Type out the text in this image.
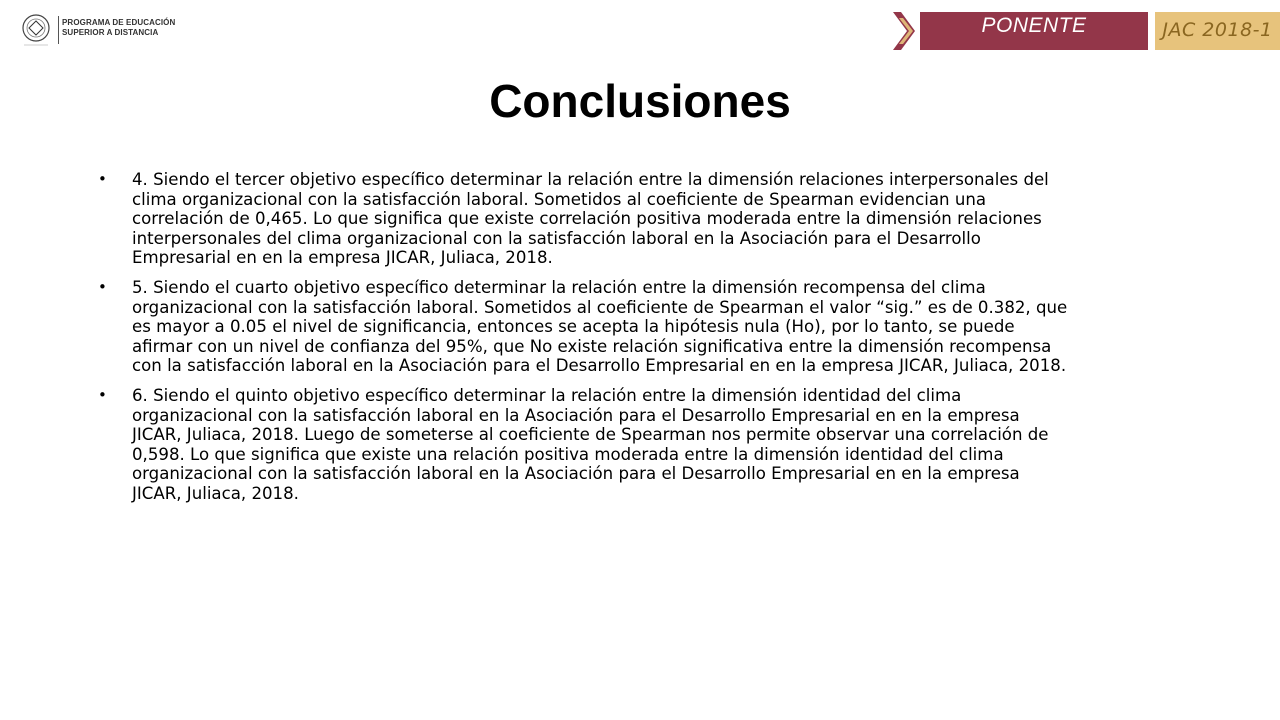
PROGRAMA DE EDUCACIÓN
SUPERIOR A DISTANCIA	PONENTE	JAC 2018-1
Conclusiones
• 4. Siendo el tercer objetivo específico determinar la relación entre la dimensión relaciones interpersonales del clima organizacional con la satisfacción laboral. Sometidos al coeficiente de Spearman evidencian una correlación de 0,465. Lo que significa que existe correlación positiva moderada entre la dimensión relaciones interpersonales del clima organizacional con la satisfacción laboral en la Asociación para el Desarrollo Empresarial en en la empresa JICAR, Juliaca, 2018.
• 5. Siendo el cuarto objetivo específico determinar la relación entre la dimensión recompensa del clima organizacional con la satisfacción laboral. Sometidos al coeficiente de Spearman el valor “sig.” es de 0.382, que es mayor a 0.05 el nivel de significancia, entonces se acepta la hipótesis nula (Ho), por lo tanto, se puede afirmar con un nivel de confianza del 95%, que No existe relación significativa entre la dimensión recompensa con la satisfacción laboral en la Asociación para el Desarrollo Empresarial en en la empresa JICAR, Juliaca, 2018.
• 6. Siendo el quinto objetivo específico determinar la relación entre la dimensión identidad del clima organizacional con la satisfacción laboral en la Asociación para el Desarrollo Empresarial en en la empresa JICAR, Juliaca, 2018. Luego de someterse al coeficiente de Spearman nos permite observar una correlación de 0,598. Lo que significa que existe una relación positiva moderada entre la dimensión identidad del clima organizacional con la satisfacción laboral en la Asociación para el Desarrollo Empresarial en en la empresa JICAR, Juliaca, 2018.
